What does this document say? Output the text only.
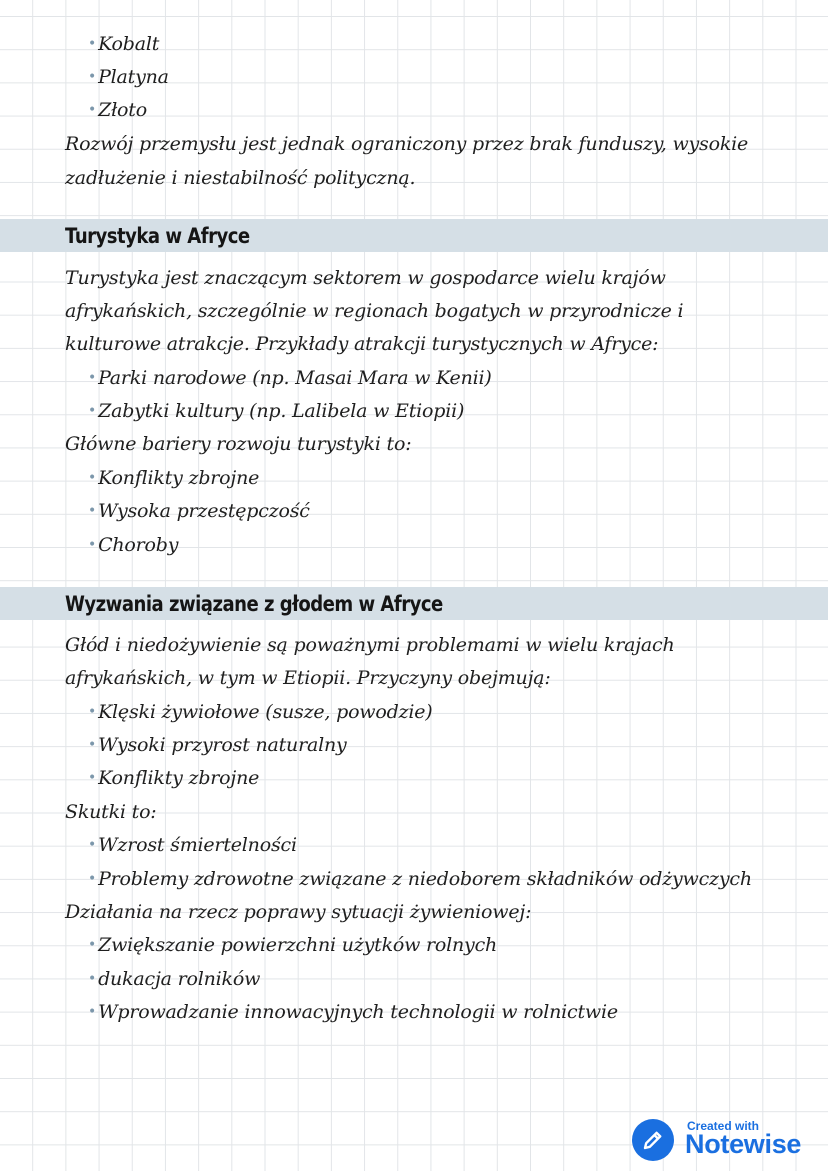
• Kobalt
• Platyna
• Złoto
Rozwój przemysłu jest jednak ograniczony przez brak funduszy, wysokie
zadłużenie i niestabilność polityczną.
Turystyka w Afryce
Turystyka jest znaczącym sektorem w gospodarce wielu krajów
afrykańskich, szczególnie w regionach bogatych w przyrodnicze i
kulturowe atrakcje. Przykłady atrakcji turystycznych w Afryce:
• Parki narodowe (np. Masai Mara w Kenii)
• Zabytki kultury (np. Lalibela w Etiopii)
Główne bariery rozwoju turystyki to:
• Konflikty zbrojne
• Wysoka przestępczość
• Choroby
Wyzwania związane z głodem w Afryce
Głód i niedożywienie są poważnymi problemami w wielu krajach
afrykańskich, w tym w Etiopii. Przyczyny obejmują:
• Klęski żywiołowe (susze, powodzie)
• Wysoki przyrost naturalny
• Konflikty zbrojne
Skutki to:
• Wzrost śmiertelności
• Problemy zdrowotne związane z niedoborem składników odżywczych
Działania na rzecz poprawy sytuacji żywieniowej:
• Zwiększanie powierzchni użytków rolnych
• dukacja rolników
• Wprowadzanie innowacyjnych technologii w rolnictwie
Created with
Notewise
